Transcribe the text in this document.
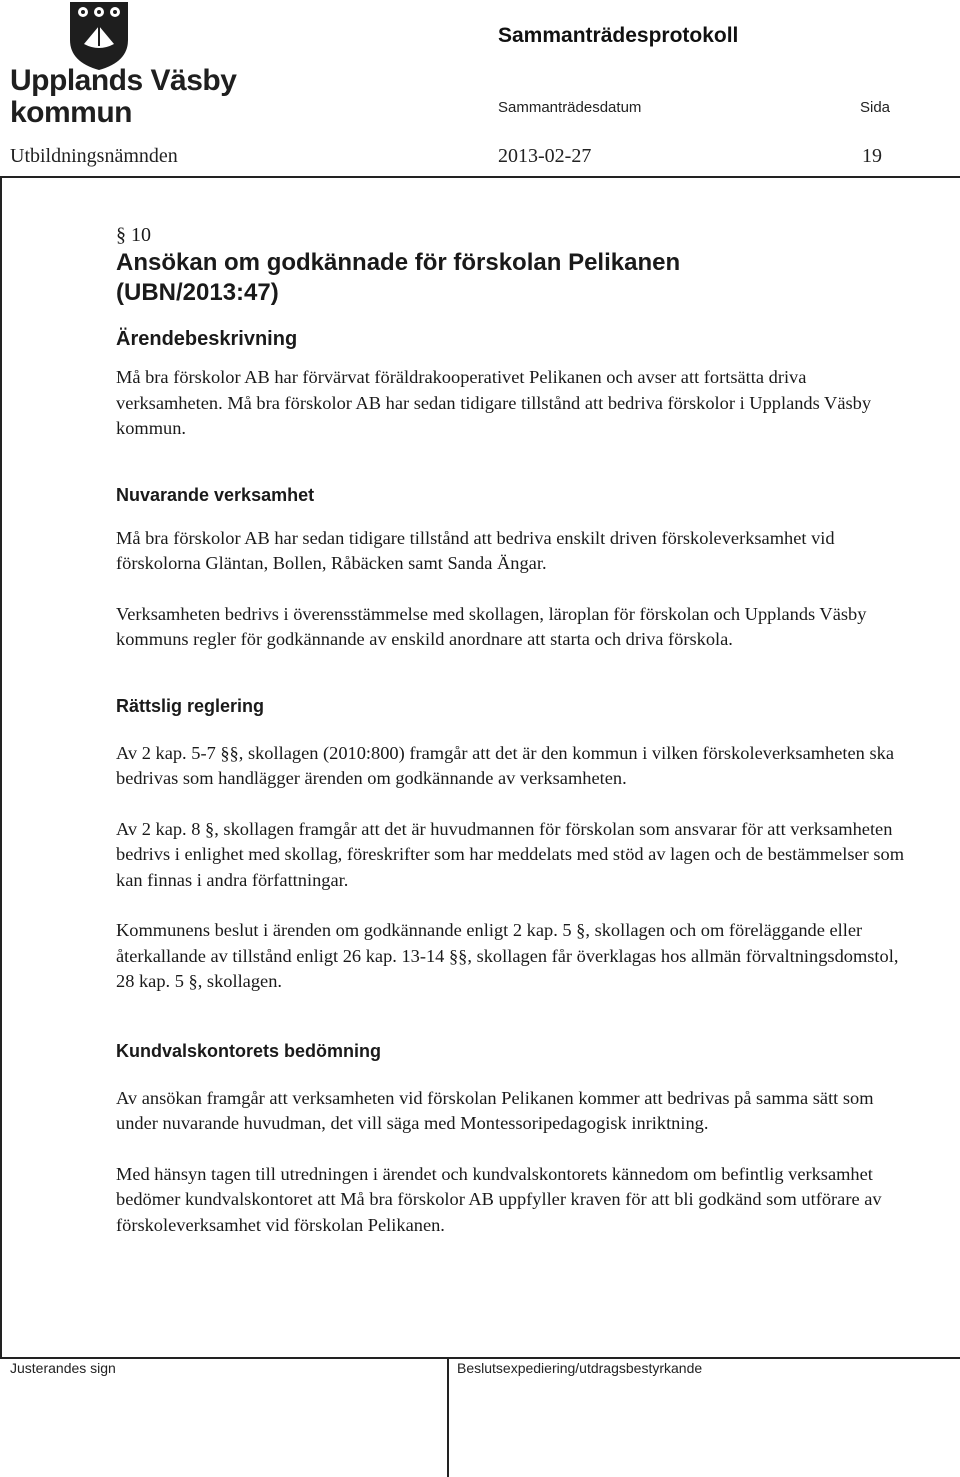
Upplands Väsby
kommun
Sammanträdesprotokoll
Sammanträdesdatum	Sida
Utbildningsnämnden	2013-02-27	19

§ 10

Ansökan om godkännade för förskolan Pelikanen
(UBN/2013:47)
Ärendebeskrivning

Må bra förskolor AB har förvärvat föräldrakooperativet Pelikanen och avser att fortsätta driva verksamheten. Må bra förskolor AB har sedan tidigare tillstånd att bedriva förskolor i Upplands Väsby kommun.

Nuvarande verksamhet

Må bra förskolor AB har sedan tidigare tillstånd att bedriva enskilt driven förskoleverksamhet vid förskolorna Gläntan, Bollen, Råbäcken samt Sanda Ängar.

Verksamheten bedrivs i överensstämmelse med skollagen, läroplan för förskolan och Upplands Väsby kommuns regler för godkännande av enskild anordnare att starta och driva förskola.

Rättslig reglering

Av 2 kap. 5-7 §§, skollagen (2010:800) framgår att det är den kommun i vilken förskoleverksamheten ska bedrivas som handlägger ärenden om godkännande av verksamheten.

Av 2 kap. 8 §, skollagen framgår att det är huvudmannen för förskolan som ansvarar för att verksamheten bedrivs i enlighet med skollag, föreskrifter som har meddelats med stöd av lagen och de bestämmelser som kan finnas i andra författningar.

Kommunens beslut i ärenden om godkännande enligt 2 kap. 5 §, skollagen och om föreläggande eller återkallande av tillstånd enligt 26 kap. 13-14 §§, skollagen får överklagas hos allmän förvaltningsdomstol, 28 kap. 5 §, skollagen.

Kundvalskontorets bedömning

Av ansökan framgår att verksamheten vid förskolan Pelikanen kommer att bedrivas på samma sätt som under nuvarande huvudman, det vill säga med Montessoripedagogisk inriktning.

Med hänsyn tagen till utredningen i ärendet och kundvalskontorets kännedom om befintlig verksamhet bedömer kundvalskontoret att Må bra förskolor AB uppfyller kraven för att bli godkänd som utförare av förskoleverksamhet vid förskolan Pelikanen.

Justerandes sign	Beslutsexpediering/utdragsbestyrkande
